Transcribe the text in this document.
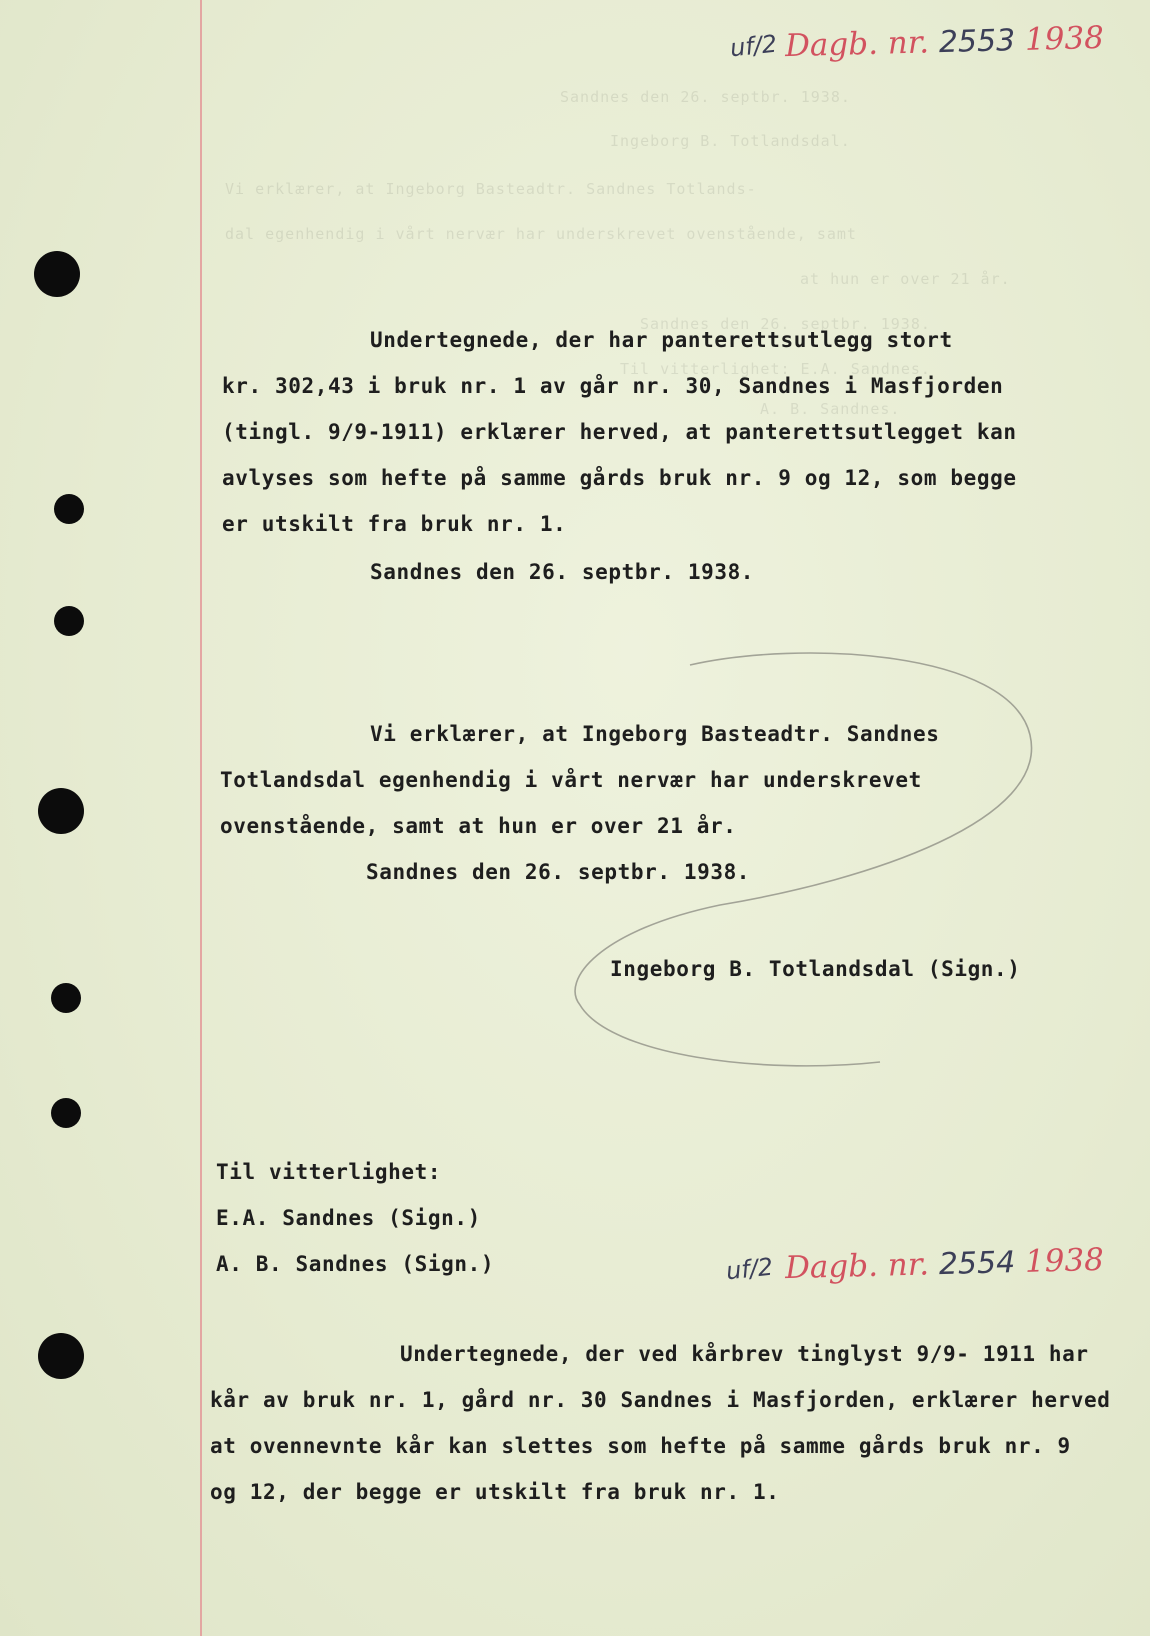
Sandnes den 26. septbr. 1938.
Ingeborg B. Totlandsdal.
Vi erklærer, at Ingeborg Basteadtr. Sandnes Totlands-
dal egenhendig i vårt nervær har underskrevet ovenstående, samt
at hun er over 21 år.
Sandnes den 26. septbr. 1938.
Til vitterlighet: E.A. Sandnes.
A. B. Sandnes.
uf/2 Dagb. nr. 2553 1938
uf/2 Dagb. nr. 2554 1938
Undertegnede, der har panterettsutlegg stort
kr. 302,43 i bruk nr. 1 av går nr. 30, Sandnes i Masfjorden
(tingl. 9/9-1911) erklærer herved, at panterettsutlegget kan
avlyses som hefte på samme gårds bruk nr. 9 og 12, som begge
er utskilt fra bruk nr. 1.
Sandnes den 26. septbr. 1938.
Vi erklærer, at Ingeborg Basteadtr. Sandnes
Totlandsdal egenhendig i vårt nervær har underskrevet
ovenstående, samt at hun er over 21 år.
Sandnes den 26. septbr. 1938.
Ingeborg B. Totlandsdal (Sign.)
Til vitterlighet:
E.A. Sandnes (Sign.)
A. B. Sandnes (Sign.)
Undertegnede, der ved kårbrev tinglyst 9/9- 1911 har
kår av bruk nr. 1, gård nr. 30 Sandnes i Masfjorden, erklærer herved
at ovennevnte kår kan slettes som hefte på samme gårds bruk nr. 9
og 12, der begge er utskilt fra bruk nr. 1.
